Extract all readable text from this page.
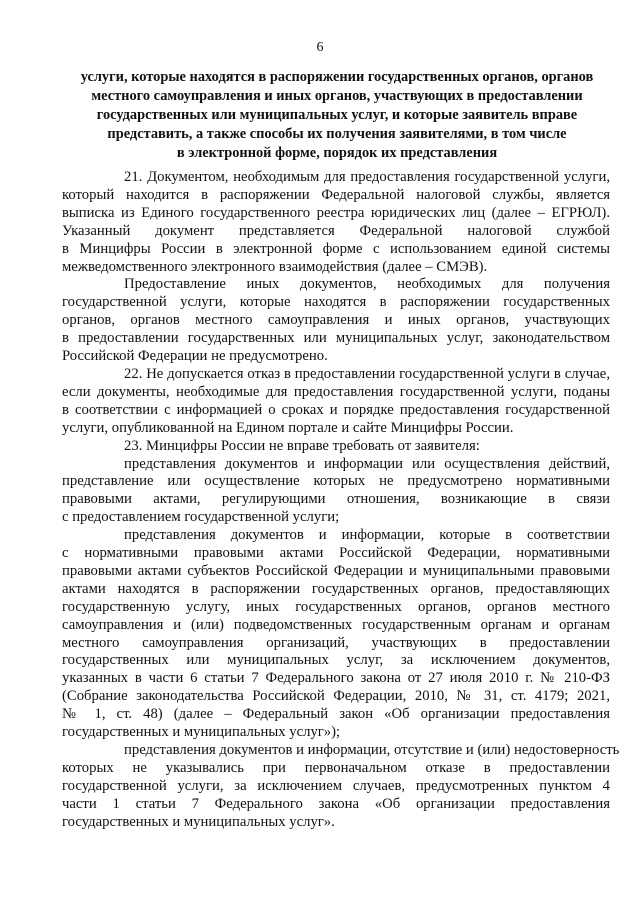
6
услуги, которые находятся в распоряжении государственных органов, органов
местного самоуправления и иных органов, участвующих в предоставлении
государственных или муниципальных услуг, и которые заявитель вправе
представить, а также способы их получения заявителями, в том числе
в электронной форме, порядок их представления
21. Документом, необходимым для предоставления государственной услуги,
который находится в распоряжении Федеральной налоговой службы, является
выписка из Единого государственного реестра юридических лиц (далее – ЕГРЮЛ).
Указанный документ представляется Федеральной налоговой службой
в Минцифры России в электронной форме с использованием единой системы
межведомственного электронного взаимодействия (далее – СМЭВ).
Предоставление иных документов, необходимых для получения
государственной услуги, которые находятся в распоряжении государственных
органов, органов местного самоуправления и иных органов, участвующих
в предоставлении государственных или муниципальных услуг, законодательством
Российской Федерации не предусмотрено.
22. Не допускается отказ в предоставлении государственной услуги в случае,
если документы, необходимые для предоставления государственной услуги, поданы
в соответствии с информацией о сроках и порядке предоставления государственной
услуги, опубликованной на Едином портале и сайте Минцифры России.
23. Минцифры России не вправе требовать от заявителя:
представления документов и информации или осуществления действий,
представление или осуществление которых не предусмотрено нормативными
правовыми актами, регулирующими отношения, возникающие в связи
с предоставлением государственной услуги;
представления документов и информации, которые в соответствии
с нормативными правовыми актами Российской Федерации, нормативными
правовыми актами субъектов Российской Федерации и муниципальными правовыми
актами находятся в распоряжении государственных органов, предоставляющих
государственную услугу, иных государственных органов, органов местного
самоуправления и (или) подведомственных государственным органам и органам
местного самоуправления организаций, участвующих в предоставлении
государственных или муниципальных услуг, за исключением документов,
указанных в части 6 статьи 7 Федерального закона от 27 июля 2010 г. № 210-ФЗ
(Собрание законодательства Российской Федерации, 2010, № 31, ст. 4179; 2021,
№ 1, ст. 48) (далее – Федеральный закон «Об организации предоставления
государственных и муниципальных услуг»);
представления документов и информации, отсутствие и (или) недостоверность
которых не указывались при первоначальном отказе в предоставлении
государственной услуги, за исключением случаев, предусмотренных пунктом 4
части 1 статьи 7 Федерального закона «Об организации предоставления
государственных и муниципальных услуг».
